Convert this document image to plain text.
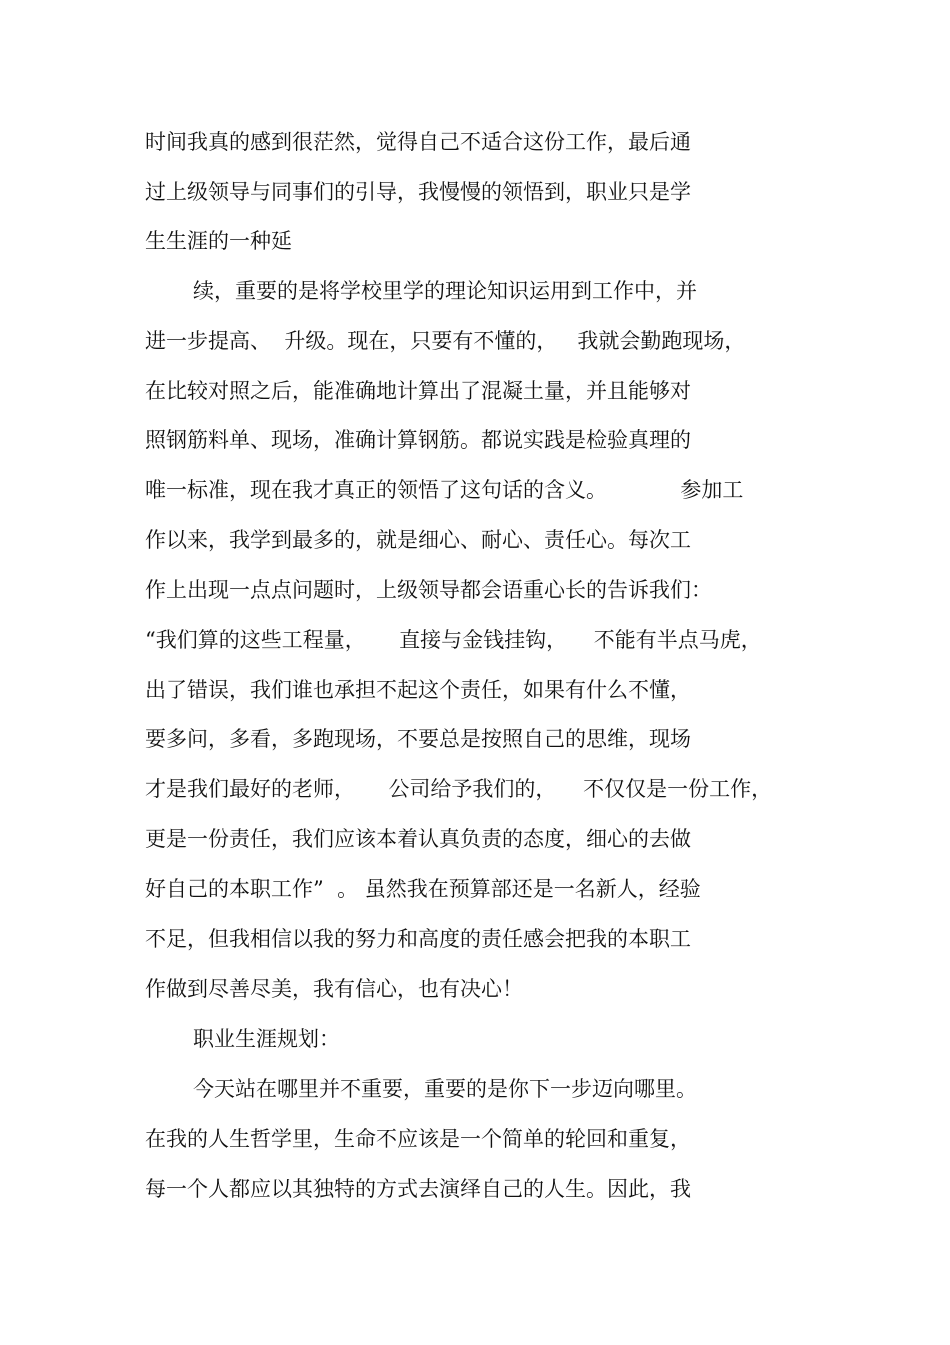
时间我真的感到很茫然，觉得自己不适合这份工作，最后通
过上级领导与同事们的引导，我慢慢的领悟到，职业只是学
生生涯的一种延
续，重要的是将学校里学的理论知识运用到工作中，并
进一步提高、  升级。现在，只要有不懂的，   我就会勤跑现场，
在比较对照之后，能准确地计算出了混凝土量，并且能够对
照钢筋料单、现场，准确计算钢筋。都说实践是检验真理的
唯一标准，现在我才真正的领悟了这句话的含义。           参加工
作以来，我学到最多的，就是细心、耐心、责任心。每次工
作上出现一点点问题时，上级领导都会语重心长的告诉我们：
“我们算的这些工程量，     直接与金钱挂钩，    不能有半点马虎，
出了错误，我们谁也承担不起这个责任，如果有什么不懂，
要多问，多看，多跑现场，不要总是按照自己的思维，现场
才是我们最好的老师，     公司给予我们的，    不仅仅是一份工作，
更是一份责任，我们应该本着认真负责的态度，细心的去做
好自己的本职工作”  。 虽然我在预算部还是一名新人，经验
不足，但我相信以我的努力和高度的责任感会把我的本职工
作做到尽善尽美，我有信心，也有决心！
职业生涯规划：
今天站在哪里并不重要，重要的是你下一步迈向哪里。
在我的人生哲学里，生命不应该是一个简单的轮回和重复，
每一个人都应以其独特的方式去演绎自己的人生。因此，我
